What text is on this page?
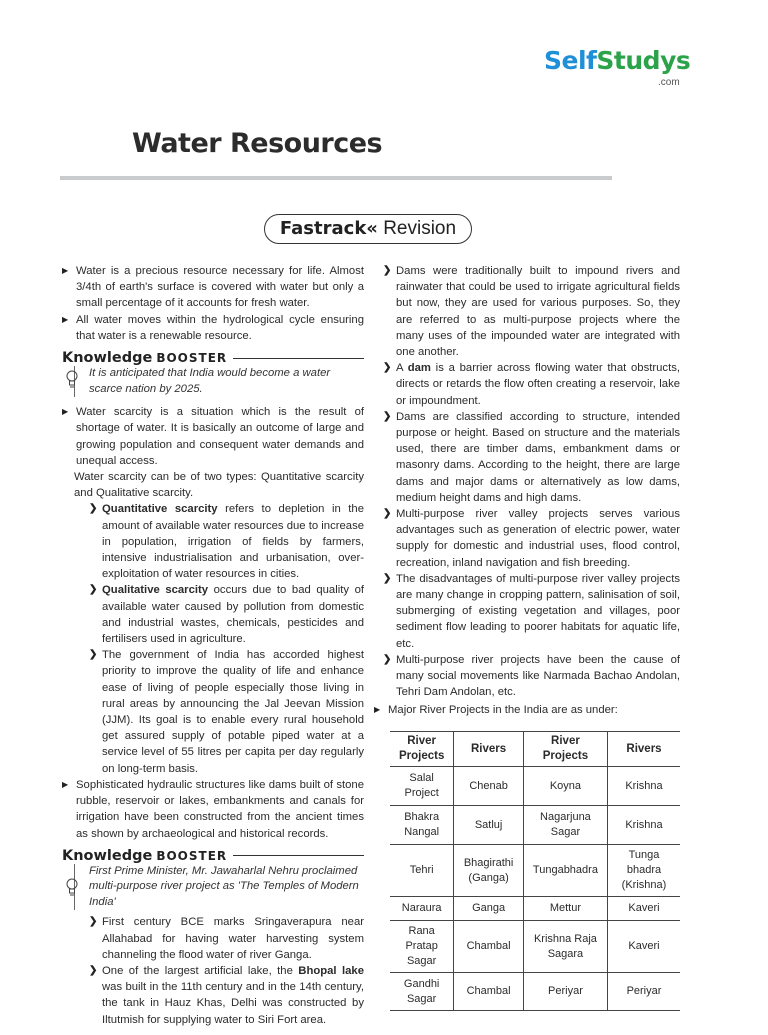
SelfStudys
.com
Water Resources
Fastrack« Revision

▶ Water is a precious resource necessary for life. Almost 3/4th of earth's surface is covered with water but only a small percentage of it accounts for fresh water.

▶ All water moves within the hydrological cycle ensuring that water is a renewable resource.

Knowledge BOOSTER
It is anticipated that India would become a water scarce nation by 2025.

▶ Water scarcity is a situation which is the result of shortage of water. It is basically an outcome of large and growing population and consequent water demands and unequal access.

Water scarcity can be of two types: Quantitative scarcity and Qualitative scarcity.

❯ Quantitative scarcity refers to depletion in the amount of available water resources due to increase in population, irrigation of fields by farmers, intensive industrialisation and urbanisation, over-exploitation of water resources in cities.

❯ Qualitative scarcity occurs due to bad quality of available water caused by pollution from domestic and industrial wastes, chemicals, pesticides and fertilisers used in agriculture.

❯ The government of India has accorded highest priority to improve the quality of life and enhance ease of living of people especially those living in rural areas by announcing the Jal Jeevan Mission (JJM). Its goal is to enable every rural household get assured supply of potable piped water at a service level of 55 litres per capita per day regularly on long-term basis.

▶ Sophisticated hydraulic structures like dams built of stone rubble, reservoir or lakes, embankments and canals for irrigation have been constructed from the ancient times as shown by archaeological and historical records.

Knowledge BOOSTER
First Prime Minister, Mr. Jawaharlal Nehru proclaimed multi-purpose river project as 'The Temples of Modern India'

❯ First century BCE marks Sringaverapura near Allahabad for having water harvesting system channeling the flood water of river Ganga.

❯ One of the largest artificial lake, the Bhopal lake was built in the 11th century and in the 14th century, the tank in Hauz Khas, Delhi was constructed by Iltutmish for supplying water to Siri Fort area.

❯ Dams were traditionally built to impound rivers and rainwater that could be used to irrigate agricultural fields but now, they are used for various purposes. So, they are referred to as multi-purpose projects where the many uses of the impounded water are integrated with one another.

❯ A dam is a barrier across flowing water that obstructs, directs or retards the flow often creating a reservoir, lake or impoundment.

❯ Dams are classified according to structure, intended purpose or height. Based on structure and the materials used, there are timber dams, embankment dams or masonry dams. According to the height, there are large dams and major dams or alternatively as low dams, medium height dams and high dams.

❯ Multi-purpose river valley projects serves various advantages such as generation of electric power, water supply for domestic and industrial uses, flood control, recreation, inland navigation and fish breeding.

❯ The disadvantages of multi-purpose river valley projects are many change in cropping pattern, salinisation of soil, submerging of existing vegetation and villages, poor sediment flow leading to poorer habitats for aquatic life, etc.

❯ Multi-purpose river projects have been the cause of many social movements like Narmada Bachao Andolan, Tehri Dam Andolan, etc.

▶ Major River Projects in the India are as under:

River Projects	Rivers	River Projects	Rivers
Salal Project	Chenab	Koyna	Krishna
Bhakra Nangal	Satluj	Nagarjuna Sagar	Krishna
Tehri	Bhagirathi (Ganga)	Tungabhadra	Tunga bhadra (Krishna)
Naraura	Ganga	Mettur	Kaveri
Rana Pratap Sagar	Chambal	Krishna Raja Sagara	Kaveri
Gandhi Sagar	Chambal	Periyar	Periyar
